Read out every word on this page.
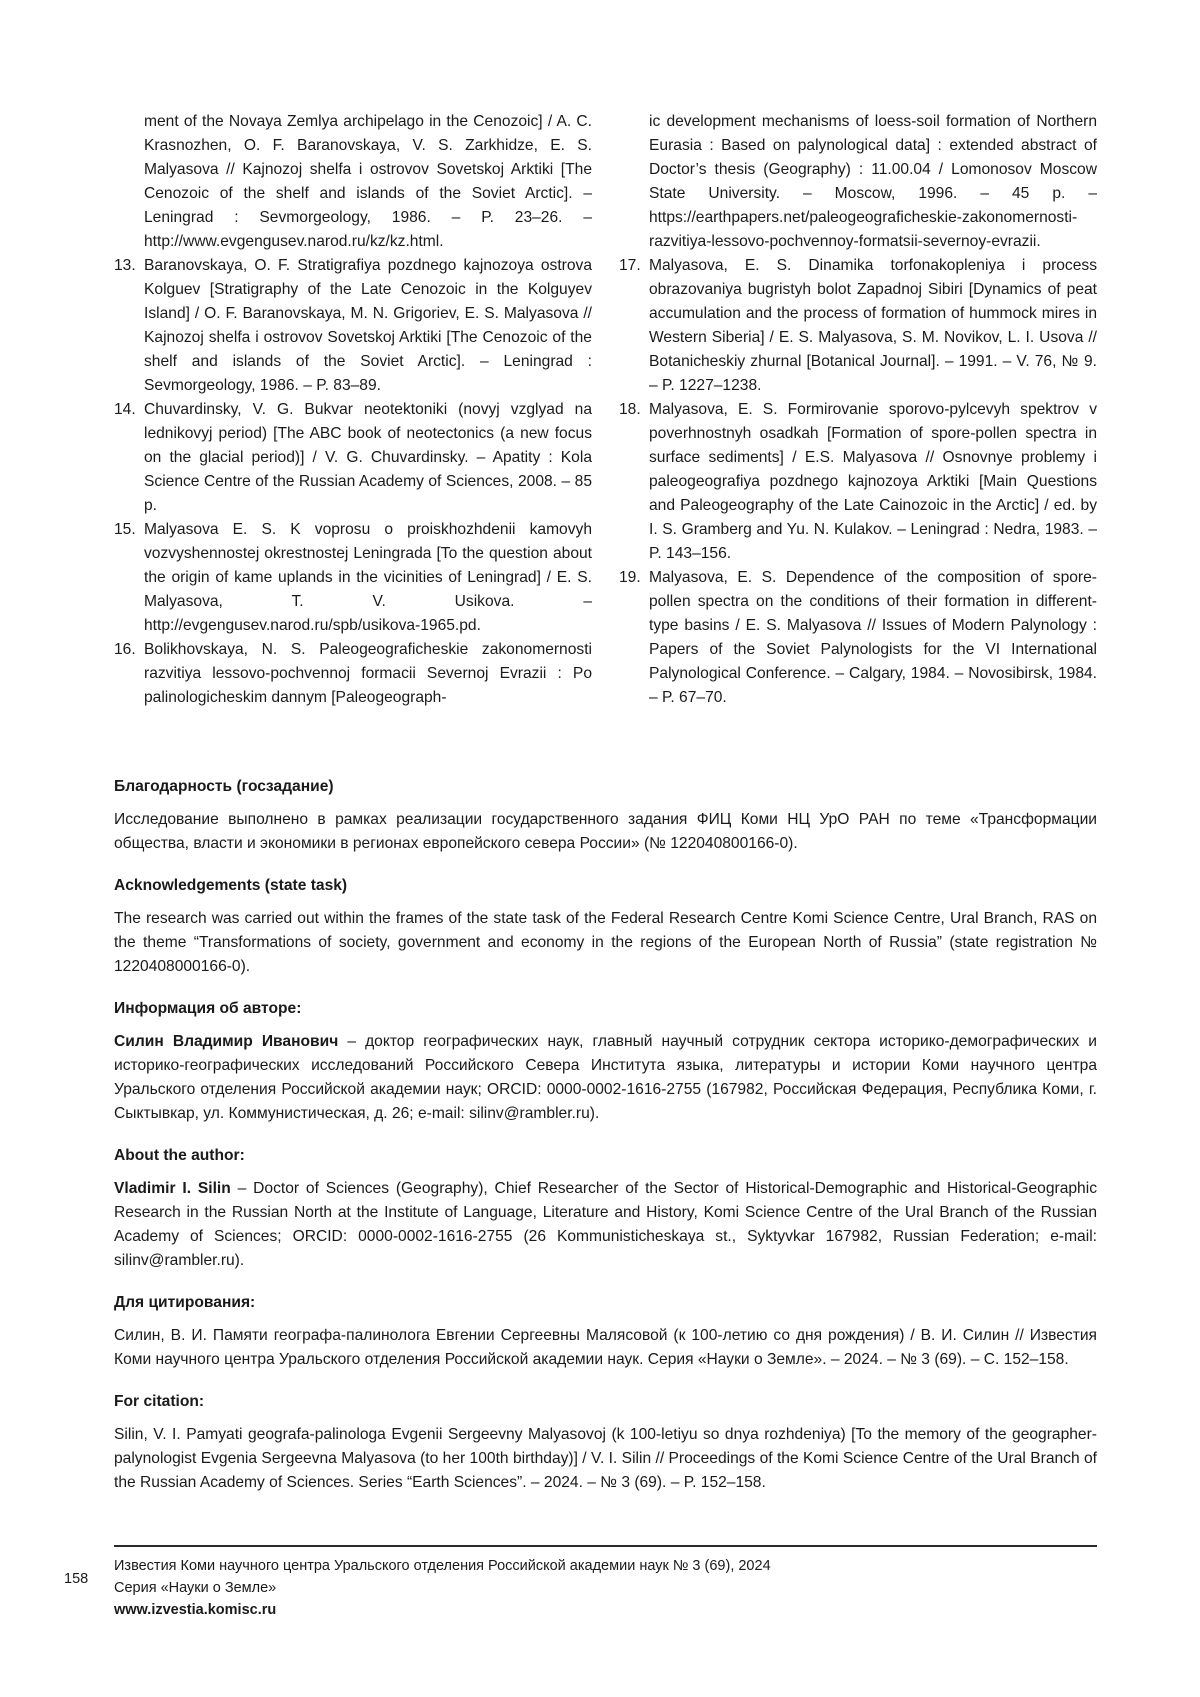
ment of the Novaya Zemlya archipelago in the Cenozoic] / A. C. Krasnozhen, O. F. Baranovskaya, V. S. Zarkhidze, E. S. Malyasova // Kajnozoj shelfa i ostrovov Sovetskoj Arktiki [The Cenozoic of the shelf and islands of the Soviet Arctic]. – Leningrad : Sevmorgeology, 1986. – P. 23–26. – http://www.evgengusev.narod.ru/kz/kz.html.
13. Baranovskaya, O. F. Stratigrafiya pozdnego kajnozoya ostrova Kolguev [Stratigraphy of the Late Cenozoic in the Kolguyev Island] / O. F. Baranovskaya, M. N. Grigoriev, E. S. Malyasova // Kajnozoj shelfa i ostrovov Sovetskoj Arktiki [The Cenozoic of the shelf and islands of the Soviet Arctic]. – Leningrad : Sevmorgeology, 1986. – P. 83–89.
14. Chuvardinsky, V. G. Bukvar neotektoniki (novyj vzglyad na lednikovyj period) [The ABC book of neotectonics (a new focus on the glacial period)] / V. G. Chuvardinsky. – Apatity : Kola Science Centre of the Russian Academy of Sciences, 2008. – 85 p.
15. Malyasova E. S. K voprosu o proiskhozhdenii kamovyh vozvyshennostej okrestnostej Leningrada [To the question about the origin of kame uplands in the vicinities of Leningrad] / E. S. Malyasova, T. V. Usikova. – http://evgengusev.narod.ru/spb/usikova-1965.pd.
16. Bolikhovskaya, N. S. Paleogeograficheskie zakonomernosti razvitiya lessovo-pochvennoj formacii Severnoj Evrazii : Po palinologicheskim dannym [Paleogeograph-
ic development mechanisms of loess-soil formation of Northern Eurasia : Based on palynological data] : extended abstract of Doctor’s thesis (Geography) : 11.00.04 / Lomonosov Moscow State University. – Moscow, 1996. – 45 p. – https://earthpapers.net/paleogeograficheskie-zakonomernosti-razvitiya-lessovo-pochvennoy-formatsii-severnoy-evrazii.
17. Malyasova, E. S. Dinamika torfonakopleniya i process obrazovaniya bugristyh bolot Zapadnoj Sibiri [Dynamics of peat accumulation and the process of formation of hummock mires in Western Siberia] / E. S. Malyasova, S. M. Novikov, L. I. Usova // Botanicheskiy zhurnal [Botanical Journal]. – 1991. – V. 76, № 9. – P. 1227–1238.
18. Malyasova, E. S. Formirovanie sporovo-pylcevyh spektrov v poverhnostnyh osadkah [Formation of spore-pollen spectra in surface sediments] / E.S. Malyasova // Osnovnye problemy i paleogeografiya pozdnego kajnozoya Arktiki [Main Questions and Paleogeography of the Late Cainozoic in the Arctic] / ed. by I. S. Gramberg and Yu. N. Kulakov. – Leningrad : Nedra, 1983. – P. 143–156.
19. Malyasova, E. S. Dependence of the composition of spore-pollen spectra on the conditions of their formation in different-type basins / E. S. Malyasova // Issues of Modern Palynology : Papers of the Soviet Palynologists for the VI International Palynological Conference. – Calgary, 1984. – Novosibirsk, 1984. – P. 67–70.
Благодарность (госзадание)

Исследование выполнено в рамках реализации государственного задания ФИЦ Коми НЦ УрО РАН по теме «Трансформации общества, власти и экономики в регионах европейского севера России» (№ 122040800166-0).

Acknowledgements (state task)

The research was carried out within the frames of the state task of the Federal Research Centre Komi Science Centre, Ural Branch, RAS on the theme “Transformations of society, government and economy in the regions of the European North of Russia” (state registration № 1220408000166-0).

Информация об авторе:

Силин Владимир Иванович – доктор географических наук, главный научный сотрудник сектора историко-демографических и историко-географических исследований Российского Севера Института языка, литературы и истории Коми научного центра Уральского отделения Российской академии наук; ORCID: 0000-0002-1616-2755 (167982, Российская Федерация, Республика Коми, г. Сыктывкар, ул. Коммунистическая, д. 26; e-mail: silinv@rambler.ru).

About the author:

Vladimir I. Silin – Doctor of Sciences (Geography), Chief Researcher of the Sector of Historical-Demographic and Historical-Geographic Research in the Russian North at the Institute of Language, Literature and History, Komi Science Centre of the Ural Branch of the Russian Academy of Sciences; ORCID: 0000-0002-1616-2755 (26 Kommunisticheskaya st., Syktyvkar 167982, Russian Federation; e-mail: silinv@rambler.ru).

Для цитирования:

Силин, В. И. Памяти географа-палинолога Евгении Сергеевны Малясовой (к 100-летию со дня рождения) / В. И. Силин // Известия Коми научного центра Уральского отделения Российской академии наук. Серия «Науки о Земле». – 2024. – № 3 (69). – С. 152–158.

For citation:

Silin, V. I. Pamyati geografa-palinologa Evgenii Sergeevny Malyasovoj (k 100-letiyu so dnya rozhdeniya) [To the memory of the geographer-palynologist Evgenia Sergeevna Malyasova (to her 100th birthday)] / V. I. Silin // Proceedings of the Komi Science Centre of the Ural Branch of the Russian Academy of Sciences. Series “Earth Sciences”. – 2024. – № 3 (69). – P. 152–158.

158
Известия Коми научного центра Уральского отделения Российской академии наук № 3 (69), 2024
Серия «Науки о Земле»
www.izvestia.komisc.ru
